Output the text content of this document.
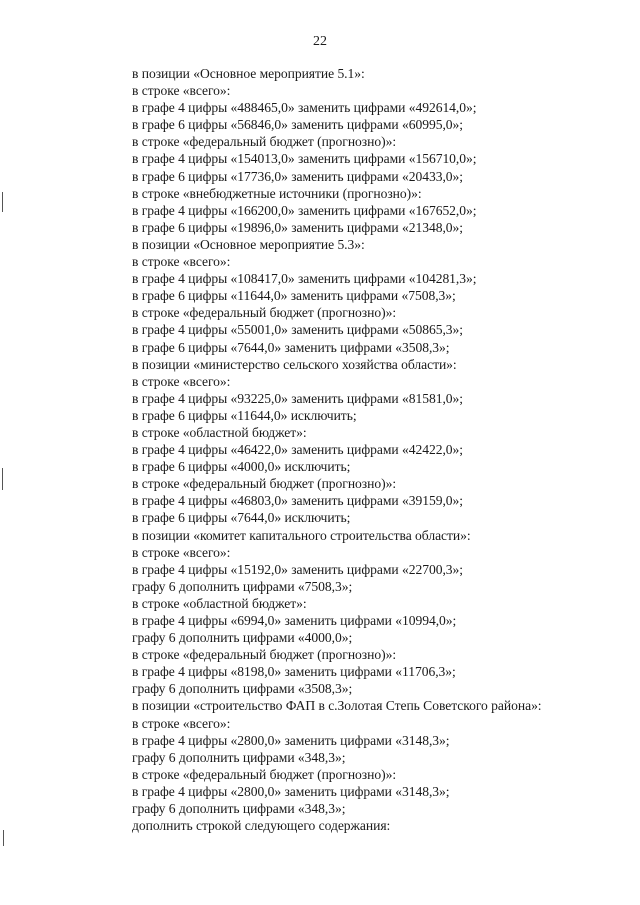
22
в позиции «Основное мероприятие 5.1»:
в строке «всего»:
в графе 4 цифры «488465,0» заменить цифрами «492614,0»;
в графе 6 цифры «56846,0» заменить цифрами «60995,0»;
в строке «федеральный бюджет (прогнозно)»:
в графе 4 цифры «154013,0» заменить цифрами «156710,0»;
в графе 6 цифры «17736,0» заменить цифрами «20433,0»;
в строке «внебюджетные источники (прогнозно)»:
в графе 4 цифры «166200,0» заменить цифрами «167652,0»;
в графе 6 цифры «19896,0» заменить цифрами «21348,0»;
в позиции «Основное мероприятие 5.3»:
в строке «всего»:
в графе 4 цифры «108417,0» заменить цифрами «104281,3»;
в графе 6 цифры «11644,0» заменить цифрами «7508,3»;
в строке «федеральный бюджет (прогнозно)»:
в графе 4 цифры «55001,0» заменить цифрами «50865,3»;
в графе 6 цифры «7644,0» заменить цифрами «3508,3»;
в позиции «министерство сельского хозяйства области»:
в строке «всего»:
в графе 4 цифры «93225,0» заменить цифрами «81581,0»;
в графе 6 цифры «11644,0» исключить;
в строке «областной бюджет»:
в графе 4 цифры «46422,0» заменить цифрами «42422,0»;
в графе 6 цифры «4000,0» исключить;
в строке «федеральный бюджет (прогнозно)»:
в графе 4 цифры «46803,0» заменить цифрами «39159,0»;
в графе 6 цифры «7644,0» исключить;
в позиции «комитет капитального строительства области»:
в строке «всего»:
в графе 4 цифры «15192,0» заменить цифрами «22700,3»;
графу 6 дополнить цифрами «7508,3»;
в строке «областной бюджет»:
в графе 4 цифры «6994,0» заменить цифрами «10994,0»;
графу 6 дополнить цифрами «4000,0»;
в строке «федеральный бюджет (прогнозно)»:
в графе 4 цифры «8198,0» заменить цифрами «11706,3»;
графу 6 дополнить цифрами «3508,3»;
в позиции «строительство ФАП в с.Золотая Степь Советского района»:
в строке «всего»:
в графе 4 цифры «2800,0» заменить цифрами «3148,3»;
графу 6 дополнить цифрами «348,3»;
в строке «федеральный бюджет (прогнозно)»:
в графе 4 цифры «2800,0» заменить цифрами «3148,3»;
графу 6 дополнить цифрами «348,3»;
дополнить строкой следующего содержания:
